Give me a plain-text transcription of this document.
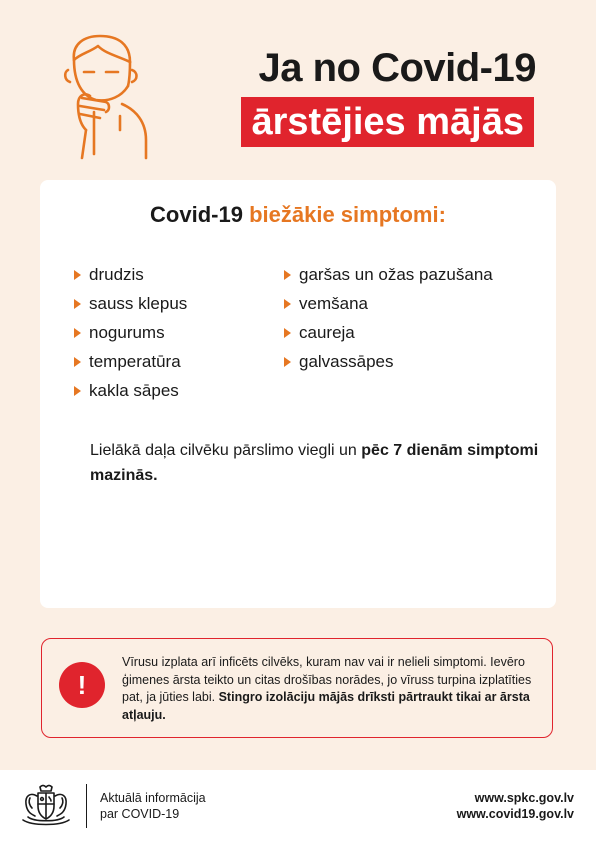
Ja no Covid-19
ārstējies mājās
Covid-19 biežākie simptomi:
drudzis
sauss klepus
nogurums
temperatūra
kakla sāpes
garšas un ožas pazušana
vemšana
caureja
galvassāpes
Lielākā daļa cilvēku pārslimo viegli un pēc 7 dienām simptomi mazinās.
!
Vīrusu izplata arī inficēts cilvēks, kuram nav vai ir nelieli simptomi. Ievēro ģimenes ārsta teikto un citas drošības norādes, jo vīruss turpina izplatīties pat, ja jūties labi. Stingro izolāciju mājās drīksti pārtraukt tikai ar ārsta atļauju.
Aktuālā informācija
par COVID-19
www.spkc.gov.lv
www.covid19.gov.lv
